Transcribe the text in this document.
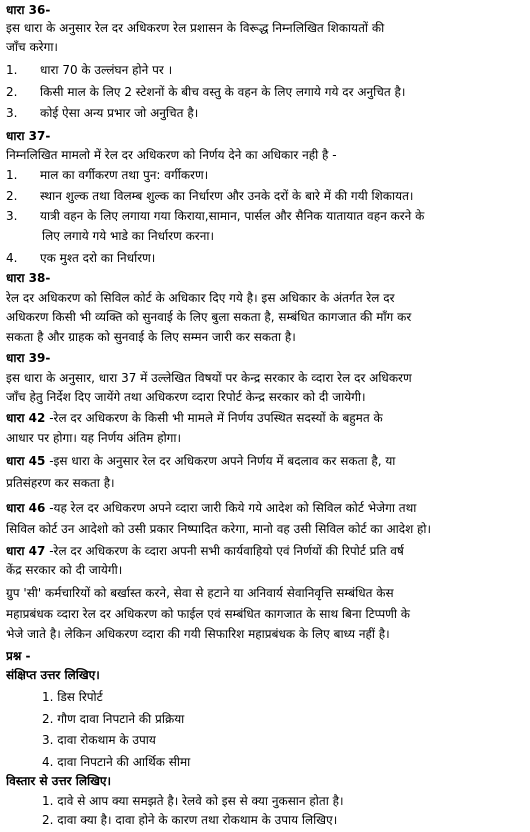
धारा 36-
इस धारा के अनुसार रेल दर अधिकरण रेल प्रशासन के विरूद्ध निम्नलिखित शिकायतों की
जाँच करेगा।
1. धारा 70 के उल्लंघन होने पर ।
2. किसी माल के लिए 2 स्टेशनों के बीच वस्तु के वहन के लिए लगाये गये दर अनुचित है।
3. कोई ऐसा अन्य प्रभार जो अनुचित है।
धारा 37-
निम्नलिखित मामलो में रेल दर अधिकरण को निर्णय देने का अधिकार नही है -
1. माल का वर्गीकरण तथा पुन: वर्गीकरण।
2. स्थान शुल्क तथा विलम्ब शुल्क का निर्धारण और उनके दरों के बारे में की गयी शिकायत।
3. यात्री वहन के लिए लगाया गया किराया,सामान, पार्सल और सैनिक यातायात वहन करने के
लिए लगाये गये भाडे का निर्धारण करना।
4. एक मुश्त दरो का निर्धारण।
धारा 38-
रेल दर अधिकरण को सिविल कोर्ट के अधिकार दिए गये है। इस अधिकार के अंतर्गत रेल दर
अधिकरण किसी भी व्यक्ति को सुनवाई के लिए बुला सकता है, सम्बंधित कागजात की माँग कर
सकता है और ग्राहक को सुनवाई के लिए सम्मन जारी कर सकता है।
धारा 39-
इस धारा के अनुसार, धारा 37 में उल्लेखित विषयों पर केन्द्र सरकार के व्दारा रेल दर अधिकरण
जाँच हेतु निर्देश दिए जायेंगे तथा अधिकरण व्दारा रिपोर्ट केन्द्र सरकार को दी जायेगी।
धारा 42 -रेल दर अधिकरण के किसी भी मामले में निर्णय उपस्थित सदस्यों के बहुमत के
आधार पर होगा। यह निर्णय अंतिम होगा।
धारा 45 -इस धारा के अनुसार रेल दर अधिकरण अपने निर्णय में बदलाव कर सकता है, या
प्रतिसंहरण कर सकता है।
धारा 46 -यह रेल दर अधिकरण अपने व्दारा जारी किये गये आदेश को सिविल कोर्ट भेजेगा तथा
सिविल कोर्ट उन आदेशो को उसी प्रकार निष्पादित करेगा, मानो वह उसी सिविल कोर्ट का आदेश हो।
धारा 47 -रेल दर अधिकरण के व्दारा अपनी सभी कार्यवाहियो एवं निर्णयों की रिपोर्ट प्रति वर्ष
केंद्र सरकार को दी जायेगी।
ग्रुप 'सी' कर्मचारियों को बर्खास्त करने, सेवा से हटाने या अनिवार्य सेवानिवृत्ति सम्बंधित केस
महाप्रबंधक व्दारा रेल दर अधिकरण को फाईल एवं सम्बंधित कागजात के साथ बिना टिप्पणी के
भेजे जाते है। लेकिन अधिकरण व्दारा की गयी सिफारिश महाप्रबंधक के लिए बाध्य नहीं है।
प्रश्न -
संक्षिप्त उत्तर लिखिए।
1. डिस रिपोर्ट
2. गौण दावा निपटाने की प्रक्रिया
3. दावा रोकथाम के उपाय
4. दावा निपटाने की आर्थिक सीमा
विस्तार से उत्तर लिखिए।
1. दावे से आप क्या समझते है। रेलवे को इस से क्या नुकसान होता है।
2. दावा क्या है। दावा होने के कारण तथा रोकथाम के उपाय लिखिए।
